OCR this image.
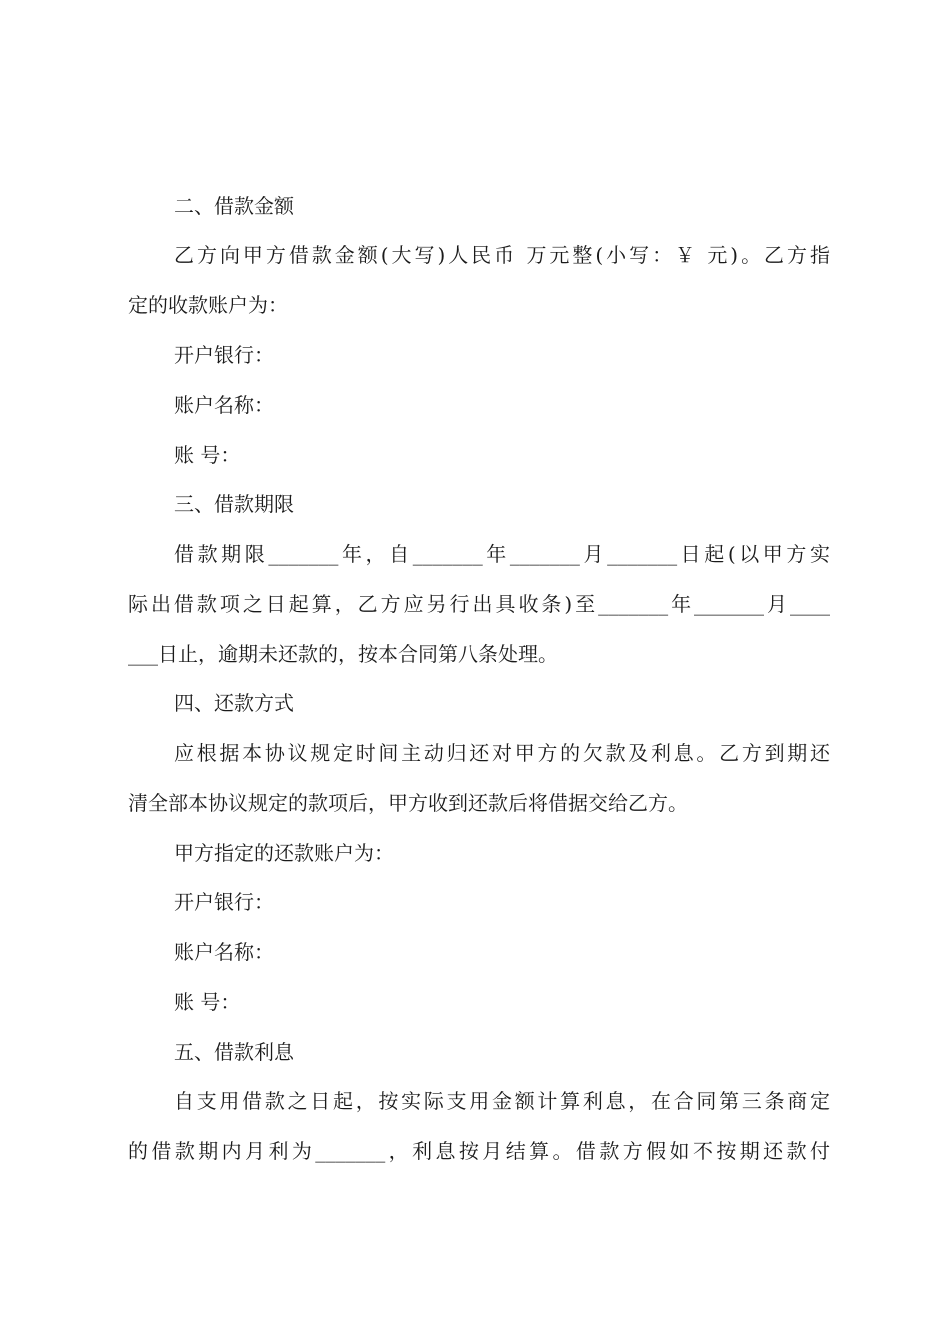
二、借款金额
乙方向甲方借款金额(大写)人民币 万元整(小写：￥ 元)。乙方指
定的收款账户为：
开户银行：
账户名称：
账 号：
三、借款期限
借款期限_______年，自_______年_______月_______日起(以甲方实
际出借款项之日起算，乙方应另行出具收条)至_______年_______月____
___日止，逾期未还款的，按本合同第八条处理。
四、还款方式
应根据本协议规定时间主动归还对甲方的欠款及利息。乙方到期还
清全部本协议规定的款项后，甲方收到还款后将借据交给乙方。
甲方指定的还款账户为：
开户银行：
账户名称：
账 号：
五、借款利息
自支用借款之日起，按实际支用金额计算利息，在合同第三条商定
的借款期内月利为_______，利息按月结算。借款方假如不按期还款付
